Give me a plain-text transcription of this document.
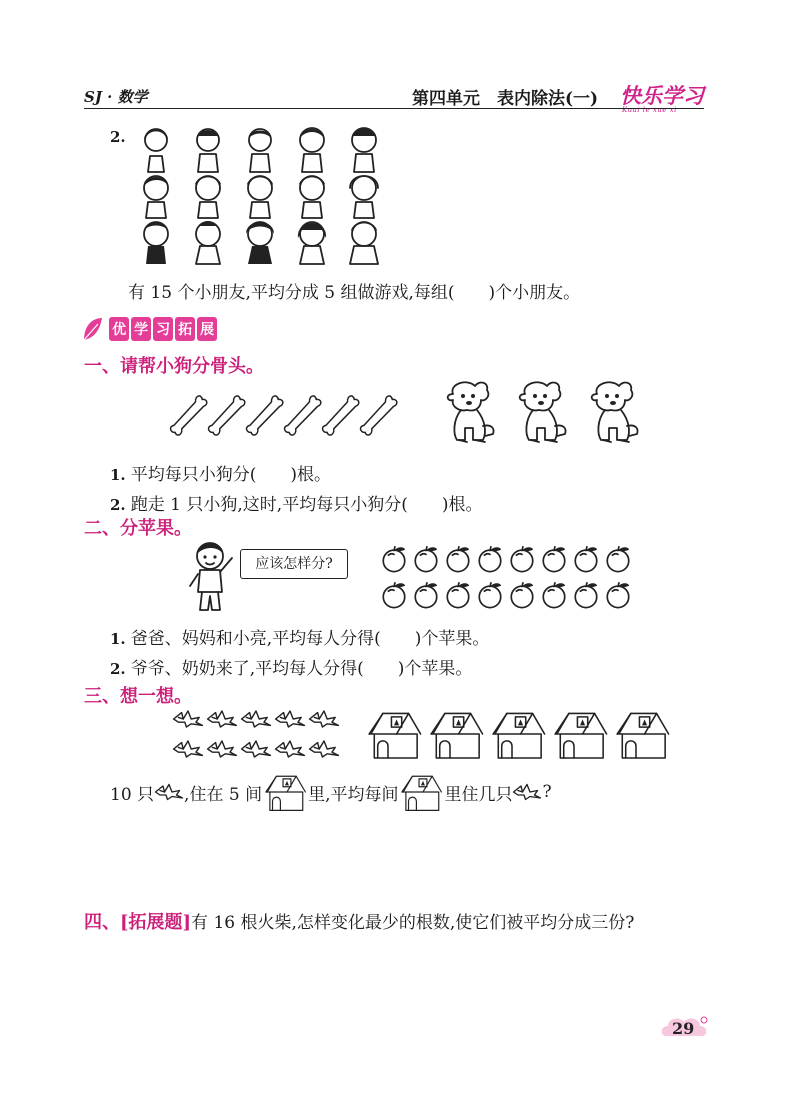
SJ · 数学	第四单元　表内除法(一) 快乐学习
Kuai le xue xi
2.
有 15 个小朋友,平均分成 5 组做游戏,每组(　　)个小朋友。
优 学 习 拓 展
一、请帮小狗分骨头。
1. 平均每只小狗分(　　)根。
2. 跑走 1 只小狗,这时,平均每只小狗分(　　)根。
二、分苹果。
应该怎样分?
1. 爸爸、妈妈和小亮,平均每人分得(　　)个苹果。
2. 爷爷、奶奶来了,平均每人分得(　　)个苹果。
三、想一想。
10 只 ,住在 5 间	里,平均每间	里住几只 ?
四、[拓展题]有 16 根火柴,怎样变化最少的根数,使它们被平均分成三份?
29
